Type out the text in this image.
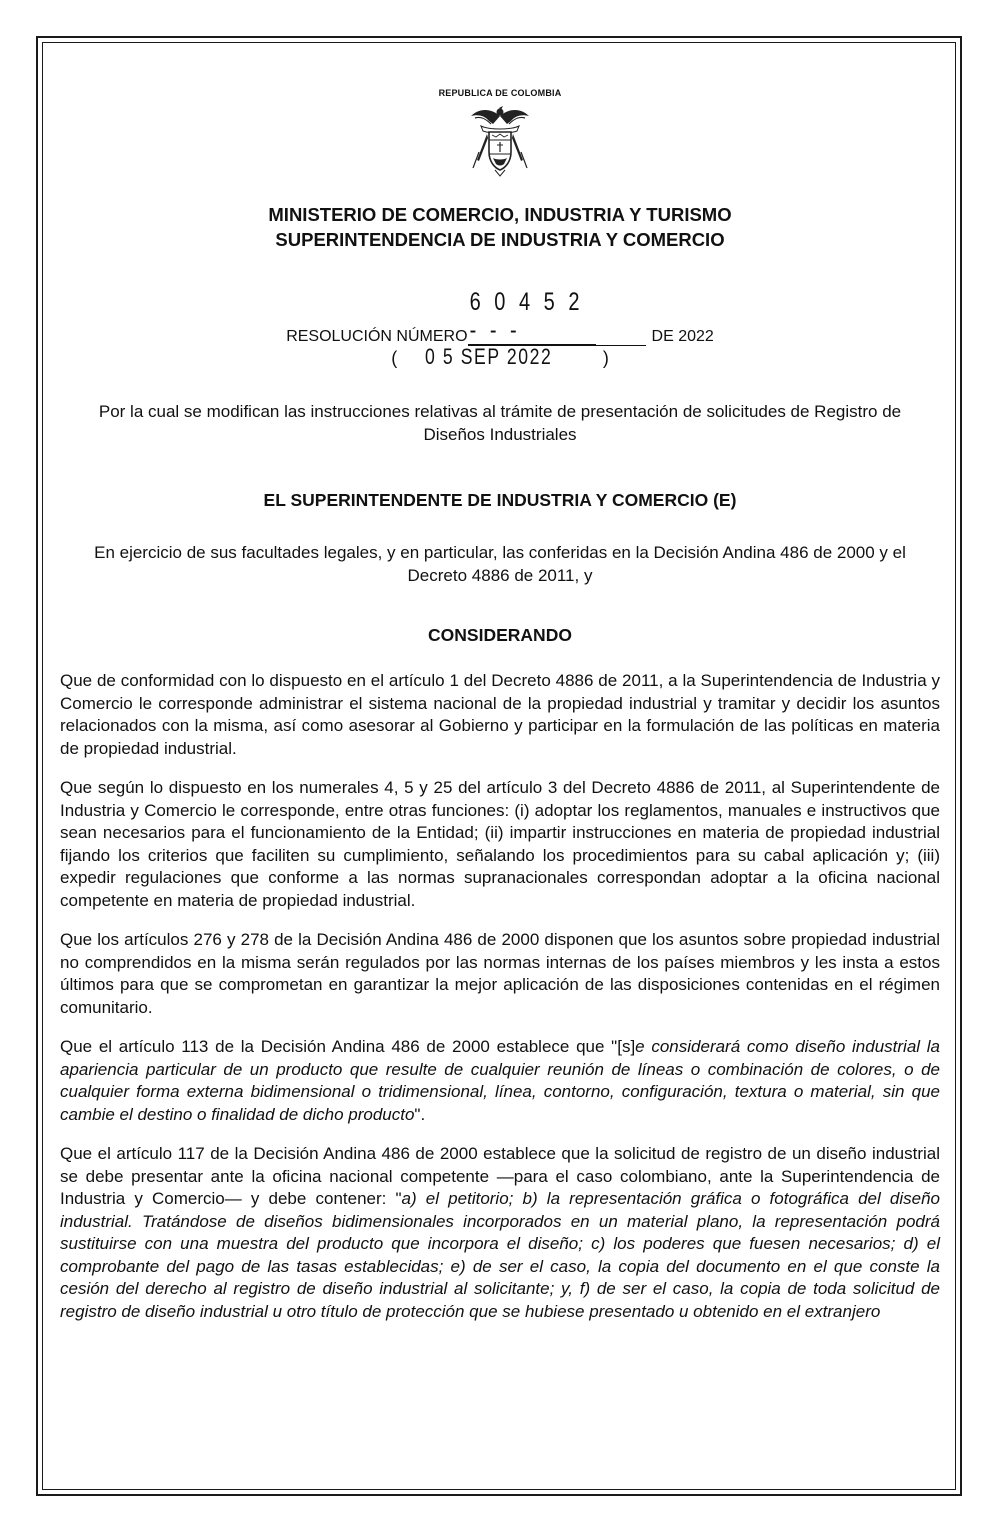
REPUBLICA DE COLOMBIA

MINISTERIO DE COMERCIO, INDUSTRIA Y TURISMO
SUPERINTENDENCIA DE INDUSTRIA Y COMERCIO
RESOLUCIÓN NÚMERO6 0 4 5 2 - - -	DE 2022
( 0 5 SEP 2022	)
Por la cual se modifican las instrucciones relativas al trámite de presentación de solicitudes de Registro de Diseños Industriales
EL SUPERINTENDENTE DE INDUSTRIA Y COMERCIO (E)
En ejercicio de sus facultades legales, y en particular, las conferidas en la Decisión Andina 486 de 2000 y el Decreto 4886 de 2011, y
CONSIDERANDO

Que de conformidad con lo dispuesto en el artículo 1 del Decreto 4886 de 2011, a la Superintendencia de Industria y Comercio le corresponde administrar el sistema nacional de la propiedad industrial y tramitar y decidir los asuntos relacionados con la misma, así como asesorar al Gobierno y participar en la formulación de las políticas en materia de propiedad industrial.

Que según lo dispuesto en los numerales 4, 5 y 25 del artículo 3 del Decreto 4886 de 2011, al Superintendente de Industria y Comercio le corresponde, entre otras funciones: (i) adoptar los reglamentos, manuales e instructivos que sean necesarios para el funcionamiento de la Entidad; (ii) impartir instrucciones en materia de propiedad industrial fijando los criterios que faciliten su cumplimiento, señalando los procedimientos para su cabal aplicación y; (iii) expedir regulaciones que conforme a las normas supranacionales correspondan adoptar a la oficina nacional competente en materia de propiedad industrial.

Que los artículos 276 y 278 de la Decisión Andina 486 de 2000 disponen que los asuntos sobre propiedad industrial no comprendidos en la misma serán regulados por las normas internas de los países miembros y les insta a estos últimos para que se comprometan en garantizar la mejor aplicación de las disposiciones contenidas en el régimen comunitario.

Que el artículo 113 de la Decisión Andina 486 de 2000 establece que "[s]e considerará como diseño industrial la apariencia particular de un producto que resulte de cualquier reunión de líneas o combinación de colores, o de cualquier forma externa bidimensional o tridimensional, línea, contorno, configuración, textura o material, sin que cambie el destino o finalidad de dicho producto".

Que el artículo 117 de la Decisión Andina 486 de 2000 establece que la solicitud de registro de un diseño industrial se debe presentar ante la oficina nacional competente —para el caso colombiano, ante la Superintendencia de Industria y Comercio— y debe contener: "a) el petitorio; b) la representación gráfica o fotográfica del diseño industrial. Tratándose de diseños bidimensionales incorporados en un material plano, la representación podrá sustituirse con una muestra del producto que incorpora el diseño; c) los poderes que fuesen necesarios; d) el comprobante del pago de las tasas establecidas; e) de ser el caso, la copia del documento en el que conste la cesión del derecho al registro de diseño industrial al solicitante; y, f) de ser el caso, la copia de toda solicitud de registro de diseño industrial u otro título de protección que se hubiese presentado u obtenido en el extranjero
